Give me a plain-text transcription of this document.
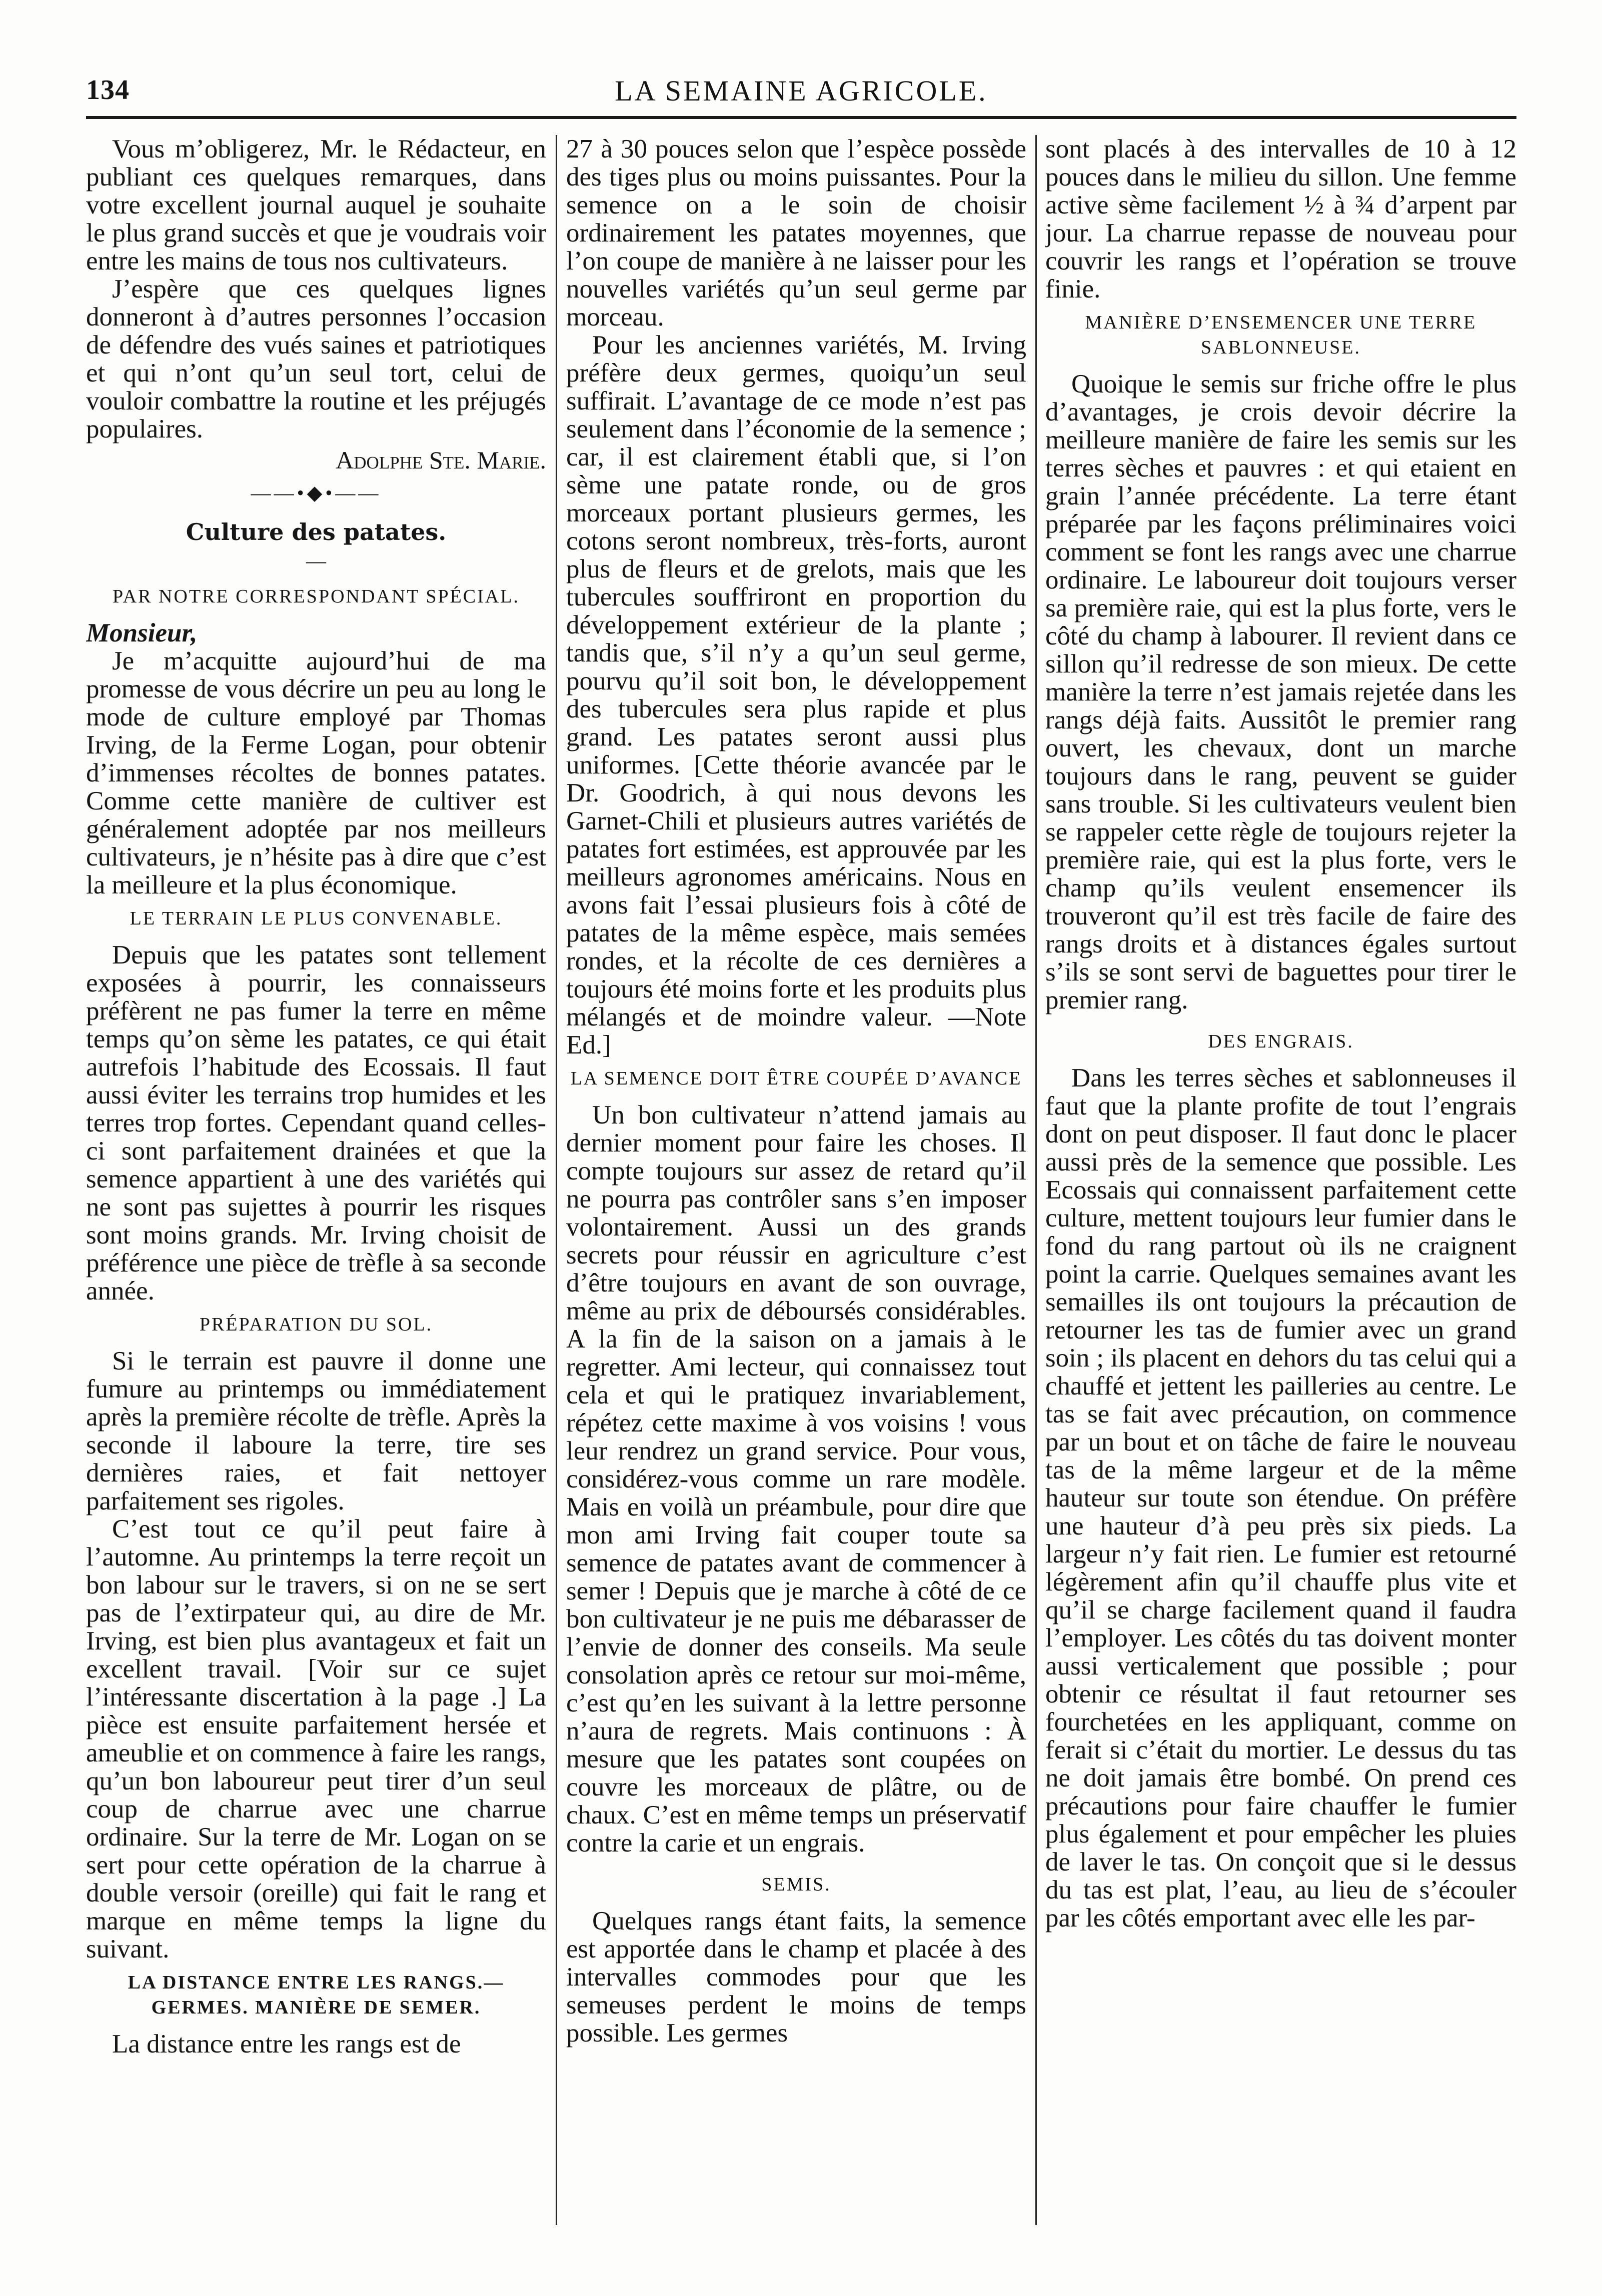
134	LA SEMAINE AGRICOLE.

Vous m’obligerez, Mr. le Rédacteur, en publiant ces quelques remarques, dans votre excellent journal auquel je souhaite le plus grand succès et que je voudrais voir entre les mains de tous nos cultivateurs.

J’espère que ces quelques lignes donneront à d’autres personnes l’occasion de défendre des vués saines et patriotiques et qui n’ont qu’un seul tort, celui de vouloir combattre la routine et les préjugés populaires.

Adolphe Ste. Marie.
——•◆•——
Culture des patates.
—
PAR NOTRE CORRESPONDANT SPÉCIAL.

Monsieur,

Je m’acquitte aujourd’hui de ma promesse de vous décrire un peu au long le mode de culture employé par Thomas Irving, de la Ferme Logan, pour obtenir d’immenses récoltes de bonnes patates. Comme cette manière de cultiver est généralement adoptée par nos meilleurs cultivateurs, je n’hésite pas à dire que c’est la meilleure et la plus économique.

LE TERRAIN LE PLUS CONVENABLE.

Depuis que les patates sont tellement exposées à pourrir, les connaisseurs préfèrent ne pas fumer la terre en même temps qu’on sème les patates, ce qui était autrefois l’habitude des Ecossais. Il faut aussi éviter les terrains trop humides et les terres trop fortes. Cependant quand celles-ci sont parfaitement drainées et que la semence appartient à une des variétés qui ne sont pas sujettes à pourrir les risques sont moins grands. Mr. Irving choisit de préférence une pièce de trèfle à sa seconde année.

PRÉPARATION DU SOL.

Si le terrain est pauvre il donne une fumure au printemps ou immédiatement après la première récolte de trèfle. Après la seconde il laboure la terre, tire ses dernières raies, et fait nettoyer parfaitement ses rigoles.

C’est tout ce qu’il peut faire à l’automne. Au printemps la terre reçoit un bon labour sur le travers, si on ne se sert pas de l’extirpateur qui, au dire de Mr. Irving, est bien plus avantageux et fait un excellent travail. [Voir sur ce sujet l’intéressante discertation à la page .] La pièce est ensuite parfaitement hersée et ameublie et on commence à faire les rangs, qu’un bon laboureur peut tirer d’un seul coup de charrue avec une charrue ordinaire. Sur la terre de Mr. Logan on se sert pour cette opération de la charrue à double versoir (oreille) qui fait le rang et marque en même temps la ligne du suivant.

LA DISTANCE ENTRE LES RANGS.—GERMES. MANIÈRE DE SEMER.

La distance entre les rangs est de

27 à 30 pouces selon que l’espèce possède des tiges plus ou moins puissantes. Pour la semence on a le soin de choisir ordinairement les patates moyennes, que l’on coupe de manière à ne laisser pour les nouvelles variétés qu’un seul germe par morceau.

Pour les anciennes variétés, M. Irving préfère deux germes, quoiqu’un seul suffirait. L’avantage de ce mode n’est pas seulement dans l’économie de la semence ; car, il est clairement établi que, si l’on sème une patate ronde, ou de gros morceaux portant plusieurs germes, les cotons seront nombreux, très-forts, auront plus de fleurs et de grelots, mais que les tubercules souffriront en proportion du développement extérieur de la plante ; tandis que, s’il n’y a qu’un seul germe, pourvu qu’il soit bon, le développement des tubercules sera plus rapide et plus grand. Les patates seront aussi plus uniformes. [Cette théorie avancée par le Dr. Goodrich, à qui nous devons les Garnet-Chili et plusieurs autres variétés de patates fort estimées, est approuvée par les meilleurs agronomes américains. Nous en avons fait l’essai plusieurs fois à côté de patates de la même espèce, mais semées rondes, et la récolte de ces dernières a toujours été moins forte et les produits plus mélangés et de moindre valeur. —Note Ed.]

LA SEMENCE DOIT ÊTRE COUPÉE D’AVANCE

Un bon cultivateur n’attend jamais au dernier moment pour faire les choses. Il compte toujours sur assez de retard qu’il ne pourra pas contrôler sans s’en imposer volontairement. Aussi un des grands secrets pour réussir en agriculture c’est d’être toujours en avant de son ouvrage, même au prix de déboursés considérables. A la fin de la saison on a jamais à le regretter. Ami lecteur, qui connaissez tout cela et qui le pratiquez invariablement, répétez cette maxime à vos voisins ! vous leur rendrez un grand service. Pour vous, considérez-vous comme un rare modèle. Mais en voilà un préambule, pour dire que mon ami Irving fait couper toute sa semence de patates avant de commencer à semer ! Depuis que je marche à côté de ce bon cultivateur je ne puis me débarasser de l’envie de donner des conseils. Ma seule consolation après ce retour sur moi-même, c’est qu’en les suivant à la lettre personne n’aura de regrets. Mais continuons : À mesure que les patates sont coupées on couvre les morceaux de plâtre, ou de chaux. C’est en même temps un préservatif contre la carie et un engrais.

SEMIS.

Quelques rangs étant faits, la semence est apportée dans le champ et placée à des intervalles commodes pour que les semeuses perdent le moins de temps possible. Les germes

sont placés à des intervalles de 10 à 12 pouces dans le milieu du sillon. Une femme active sème facilement ½ à ¾ d’arpent par jour. La charrue repasse de nouveau pour couvrir les rangs et l’opération se trouve finie.

MANIÈRE D’ENSEMENCER UNE TERRE SABLONNEUSE.

Quoique le semis sur friche offre le plus d’avantages, je crois devoir décrire la meilleure manière de faire les semis sur les terres sèches et pauvres : et qui etaient en grain l’année précédente. La terre étant préparée par les façons préliminaires voici comment se font les rangs avec une charrue ordinaire. Le laboureur doit toujours verser sa première raie, qui est la plus forte, vers le côté du champ à labourer. Il revient dans ce sillon qu’il redresse de son mieux. De cette manière la terre n’est jamais rejetée dans les rangs déjà faits. Aussitôt le premier rang ouvert, les chevaux, dont un marche toujours dans le rang, peuvent se guider sans trouble. Si les cultivateurs veulent bien se rappeler cette règle de toujours rejeter la première raie, qui est la plus forte, vers le champ qu’ils veulent ensemencer ils trouveront qu’il est très facile de faire des rangs droits et à distances égales surtout s’ils se sont servi de baguettes pour tirer le premier rang.

DES ENGRAIS.

Dans les terres sèches et sablonneuses il faut que la plante profite de tout l’engrais dont on peut disposer. Il faut donc le placer aussi près de la semence que possible. Les Ecossais qui connaissent parfaitement cette culture, mettent toujours leur fumier dans le fond du rang partout où ils ne craignent point la carrie. Quelques semaines avant les semailles ils ont toujours la précaution de retourner les tas de fumier avec un grand soin ; ils placent en dehors du tas celui qui a chauffé et jettent les pailleries au centre. Le tas se fait avec précaution, on commence par un bout et on tâche de faire le nouveau tas de la même largeur et de la même hauteur sur toute son étendue. On préfère une hauteur d’à peu près six pieds. La largeur n’y fait rien. Le fumier est retourné légèrement afin qu’il chauffe plus vite et qu’il se charge facilement quand il faudra l’employer. Les côtés du tas doivent monter aussi verticalement que possible ; pour obtenir ce résultat il faut retourner ses fourchetées en les appliquant, comme on ferait si c’était du mortier. Le dessus du tas ne doit jamais être bombé. On prend ces précautions pour faire chauffer le fumier plus également et pour empêcher les pluies de laver le tas. On conçoit que si le dessus du tas est plat, l’eau, au lieu de s’écouler par les côtés emportant avec elle les par-
